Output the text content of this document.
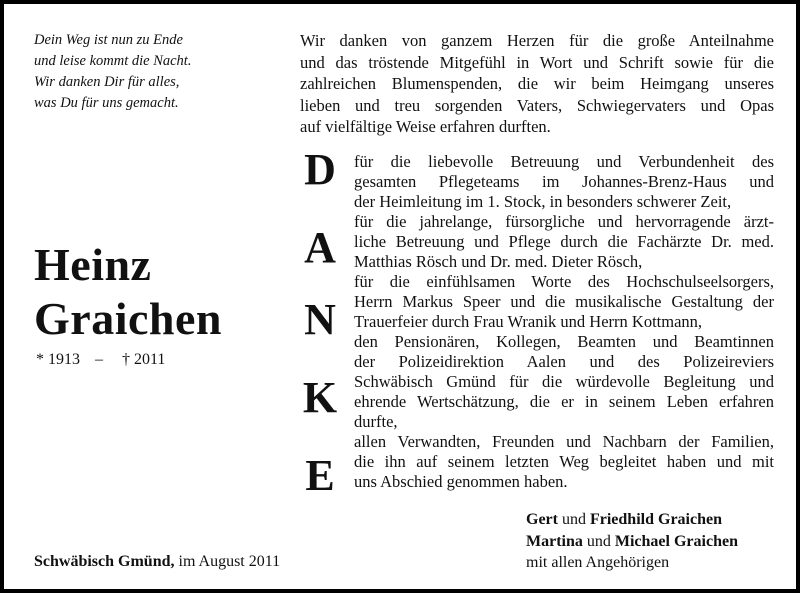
Dein Weg ist nun zu Ende
und leise kommt die Nacht.
Wir danken Dir für alles,
was Du für uns gemacht.
Heinz
Graichen
* 1913 – † 2011
Wir danken von ganzem Herzen für die große Anteilnahme
und das tröstende Mitgefühl in Wort und Schrift sowie für die
zahlreichen Blumenspenden, die wir beim Heimgang unseres
lieben und treu sorgenden Vaters, Schwiegervaters und Opas
auf vielfältige Weise erfahren durften.
D
A
N
K
E
für die liebevolle Betreuung und Verbundenheit des
gesamten Pflegeteams im Johannes-Brenz-Haus und
der Heimleitung im 1. Stock, in besonders schwerer Zeit,
für die jahrelange, fürsorgliche und hervorragende ärzt-
liche Betreuung und Pflege durch die Fachärzte Dr. med.
Matthias Rösch und Dr. med. Dieter Rösch,
für die einfühlsamen Worte des Hochschulseelsorgers,
Herrn Markus Speer und die musikalische Gestaltung der
Trauerfeier durch Frau Wranik und Herrn Kottmann,
den Pensionären, Kollegen, Beamten und Beamtinnen
der Polizeidirektion Aalen und des Polizeireviers
Schwäbisch Gmünd für die würdevolle Begleitung und
ehrende Wertschätzung, die er in seinem Leben erfahren
durfte,
allen Verwandten, Freunden und Nachbarn der Familien,
die ihn auf seinem letzten Weg begleitet haben und mit
uns Abschied genommen haben.
Schwäbisch Gmünd, im August 2011
Gert und Friedhild Graichen
Martina und Michael Graichen
mit allen Angehörigen
